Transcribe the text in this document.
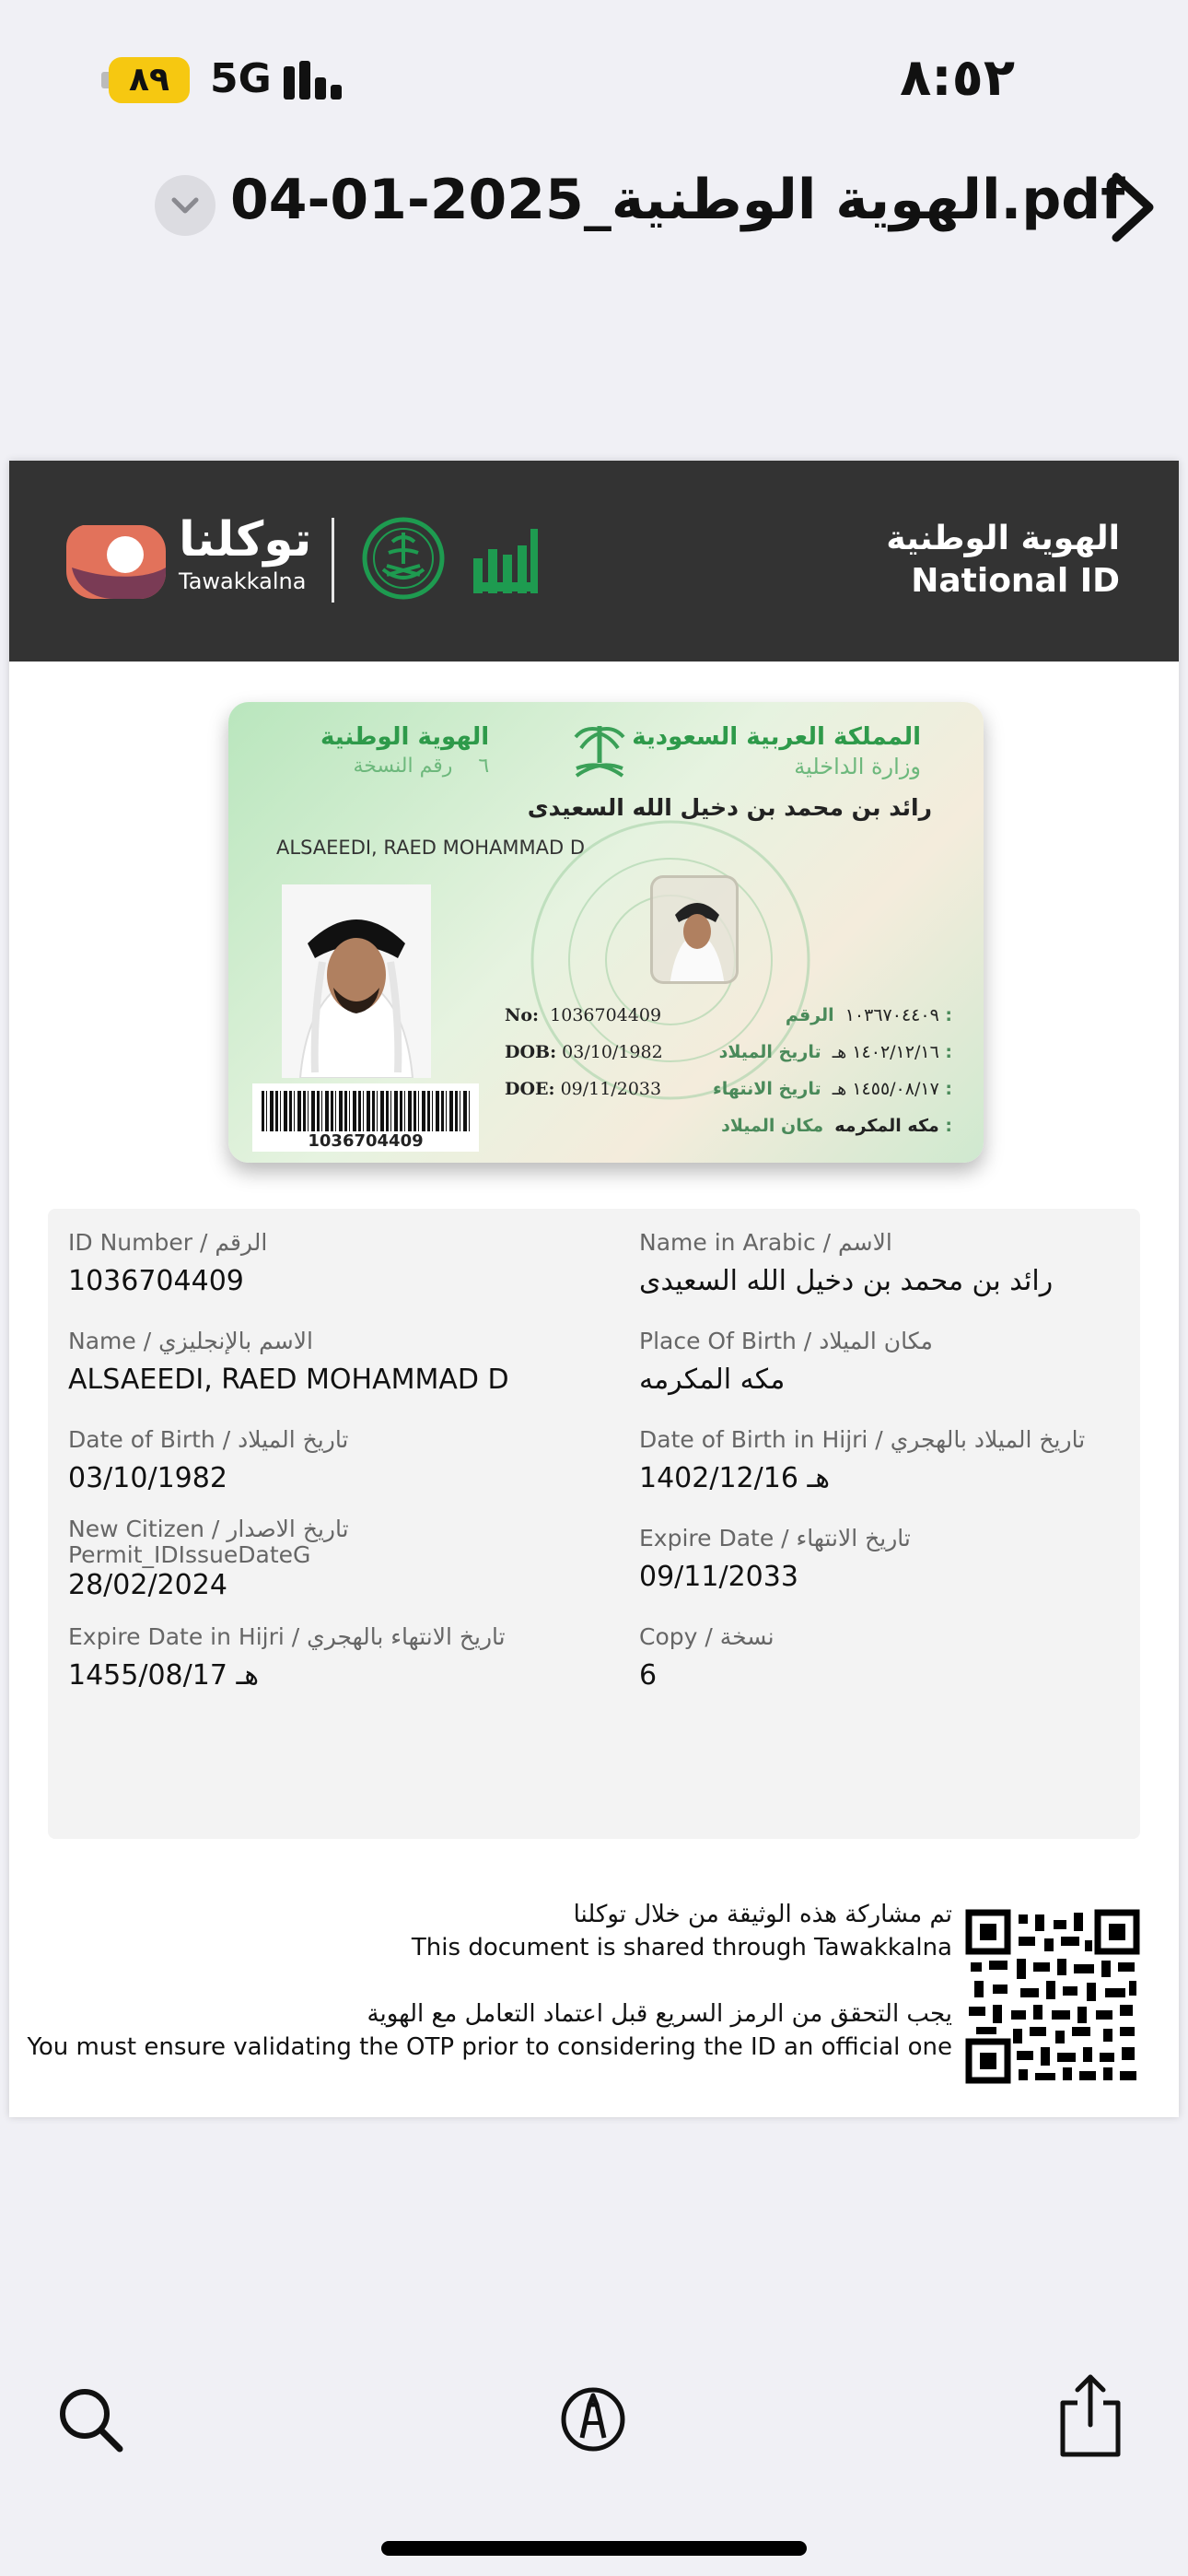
٨٩	5G	٨:٥٢
الهوية الوطنية_2025-01-04.pdf
توكلنا
Tawakkalna
الهوية الوطنية
National ID
المملكة العربية السعودية
وزارة الداخلية
الهوية الوطنية
٦    رقم النسخة
رائد بن محمد بن دخيل الله السعيدى
ALSAEEDI, RAED MOHAMMAD D
No: 1036704409
DOB: 03/10/1982
DOE: 09/11/2033
١٠٣٦٧٠٤٤٠٩  الرقم :
١٤٠٢/١٢/١٦ هـ  تاريخ الميلاد :
١٤٥٥/٠٨/١٧ هـ  تاريخ الانتهاء :
مكه المكرمه  مكان الميلاد :
1036704409
ID Number / الرقم
1036704409
Name / الاسم بالإنجليزي
ALSAEEDI, RAED MOHAMMAD D
Date of Birth / تاريخ الميلاد
03/10/1982
New Citizen / تاريخ الاصدار
Permit_IDIssueDateG
28/02/2024
Expire Date in Hijri / تاريخ الانتهاء بالهجري
1455/08/17 هـ
Name in Arabic / الاسم
رائد بن محمد بن دخيل الله السعيدى
Place Of Birth / مكان الميلاد
مكه المكرمه
Date of Birth in Hijri / تاريخ الميلاد بالهجري
1402/12/16 هـ
Expire Date / تاريخ الانتهاء
09/11/2033
Copy / نسخة
6
تم مشاركة هذه الوثيقة من خلال توكلنا
This document is shared through Tawakkalna
يجب التحقق من الرمز السريع قبل اعتماد التعامل مع الهوية
You must ensure validating the OTP prior to considering the ID an official one
